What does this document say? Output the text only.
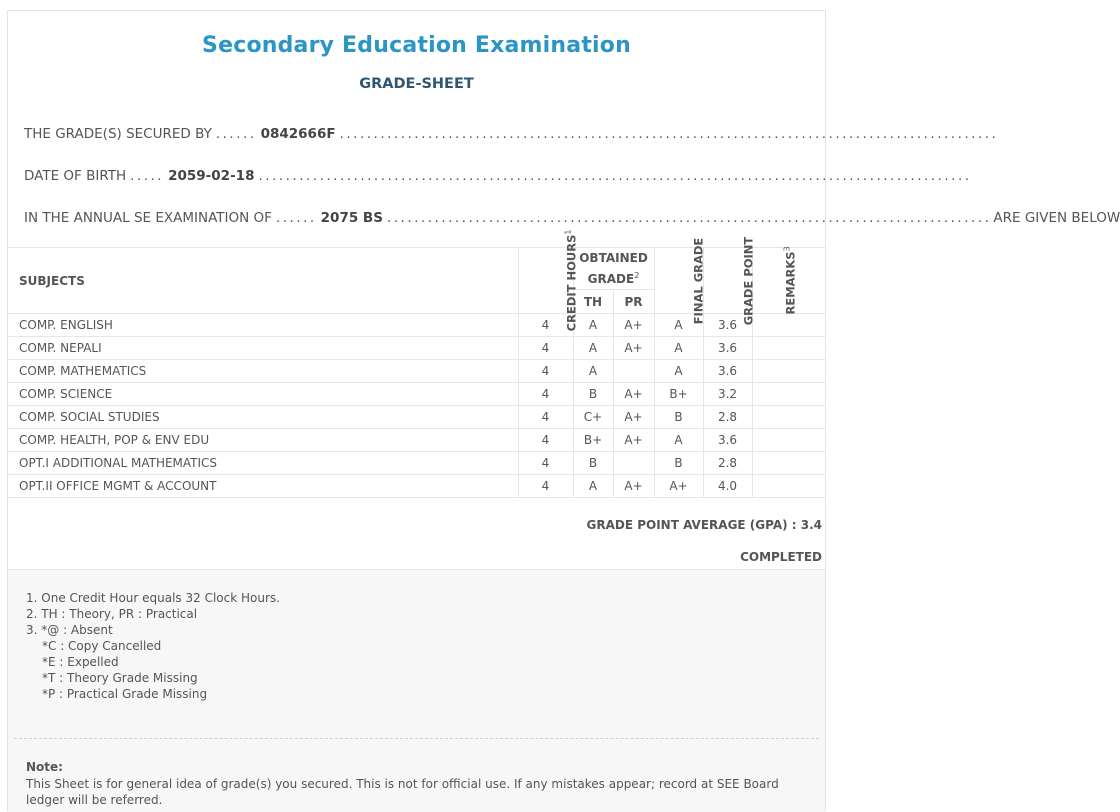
Secondary Education Examination
GRADE-SHEET
THE GRADE(S) SECURED BY ...... 0842666F .................................................................................................
DATE OF BIRTH ..... 2059-02-18 .........................................................................................................
IN THE ANNUAL SE EXAMINATION OF ...... 2075 BS ......................................................................................... ARE GIVEN BELOW
SUBJECTS	CREDIT HOURS$^1$	OBTAINED GRADE$^2$		FINAL GRADE	GRADE POINT	REMARKS$^3$
		TH	PR			
COMP. ENGLISH	4	A	A+	A	3.6	
COMP. NEPALI	4	A	A+	A	3.6	
COMP. MATHEMATICS	4	A		A	3.6	
COMP. SCIENCE	4	B	A+	B+	3.2	
COMP. SOCIAL STUDIES	4	C+	A+	B	2.8	
COMP. HEALTH, POP & ENV EDU	4	B+	A+	A	3.6	
OPT.I ADDITIONAL MATHEMATICS	4	B		B	2.8	
OPT.II OFFICE MGMT & ACCOUNT	4	A	A+	A+	4.0	
GRADE POINT AVERAGE (GPA) : 3.4
COMPLETED
1. One Credit Hour equals 32 Clock Hours.
2. TH : Theory, PR : Practical
3. *@ : Absent
*C : Copy Cancelled
*E : Expelled
*T : Theory Grade Missing
*P : Practical Grade Missing
Note:
This Sheet is for general idea of grade(s) you secured. This is not for official use. If any mistakes appear; record at SEE Board ledger will be referred.
